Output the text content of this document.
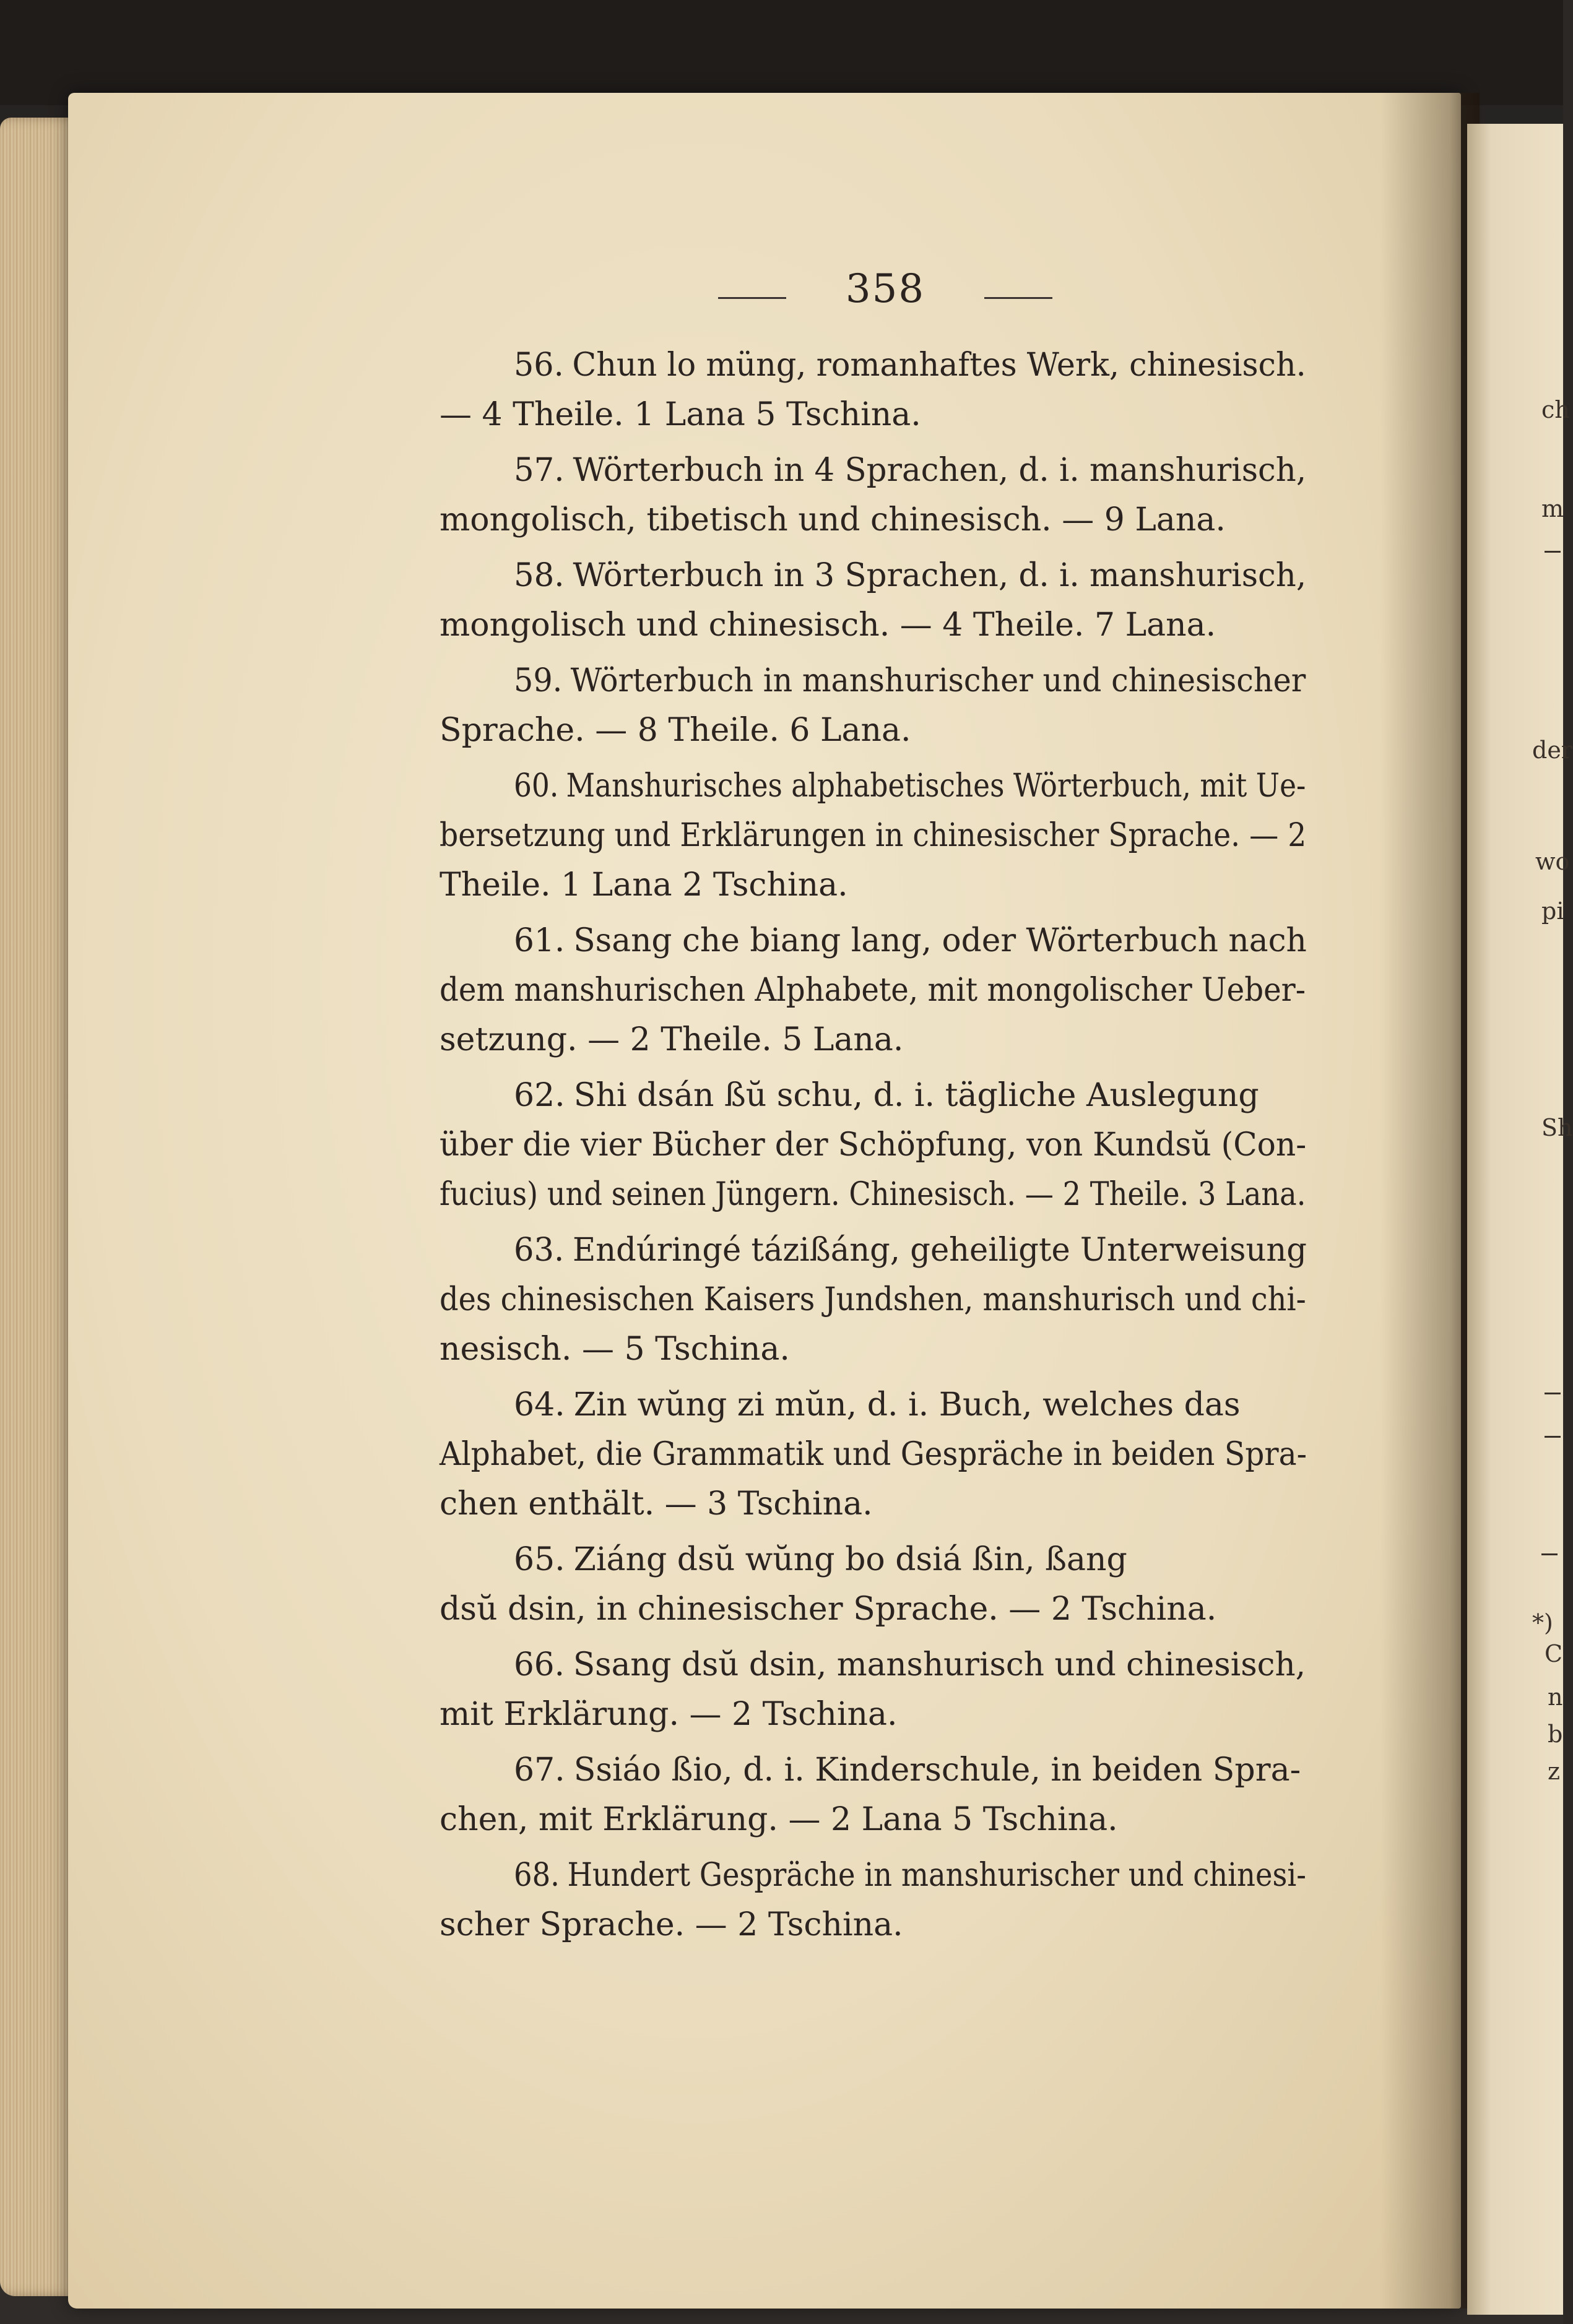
358
56. Chun lo müng, romanhaftes Werk, chinesisch.
— 4 Theile. 1 Lana 5 Tschina.
57. Wörterbuch in 4 Sprachen, d. i. manshurisch,
mongolisch, tibetisch und chinesisch. — 9 Lana.
58. Wörterbuch in 3 Sprachen, d. i. manshurisch,
mongolisch und chinesisch. — 4 Theile. 7 Lana.
59. Wörterbuch in manshurischer und chinesischer
Sprache. — 8 Theile. 6 Lana.
60. Manshurisches alphabetisches Wörterbuch, mit Ue-
bersetzung und Erklärungen in chinesischer Sprache. — 2
Theile. 1 Lana 2 Tschina.
61. Ssang che biang lang, oder Wörterbuch nach
dem manshurischen Alphabete, mit mongolischer Ueber-
setzung. — 2 Theile. 5 Lana.
62. Shi dsán ßŭ schu, d. i. tägliche Auslegung
über die vier Bücher der Schöpfung, von Kundsŭ (Con-
fucius) und seinen Jüngern. Chinesisch. — 2 Theile. 3 Lana.
63. Endúringé tázißáng, geheiligte Unterweisung
des chinesischen Kaisers Jundshen, manshurisch und chi-
nesisch. — 5 Tschina.
64. Zin wŭng zi mŭn, d. i. Buch, welches das
Alphabet, die Grammatik und Gespräche in beiden Spra-
chen enthält. — 3 Tschina.
65. Ziáng dsŭ wŭng bo dsiá ßin, ßang
dsŭ dsin, in chinesischer Sprache. — 2 Tschina.
66. Ssang dsŭ dsin, manshurisch und chinesisch,
mit Erklärung. — 2 Tschina.
67. Ssiáo ßio, d. i. Kinderschule, in beiden Spra-
chen, mit Erklärung. — 2 Lana 5 Tschina.
68. Hundert Gespräche in manshurischer und chinesi-
scher Sprache. — 2 Tschina.
ch
m
der
wo
pi
Sh
*)
C
n
b
z
